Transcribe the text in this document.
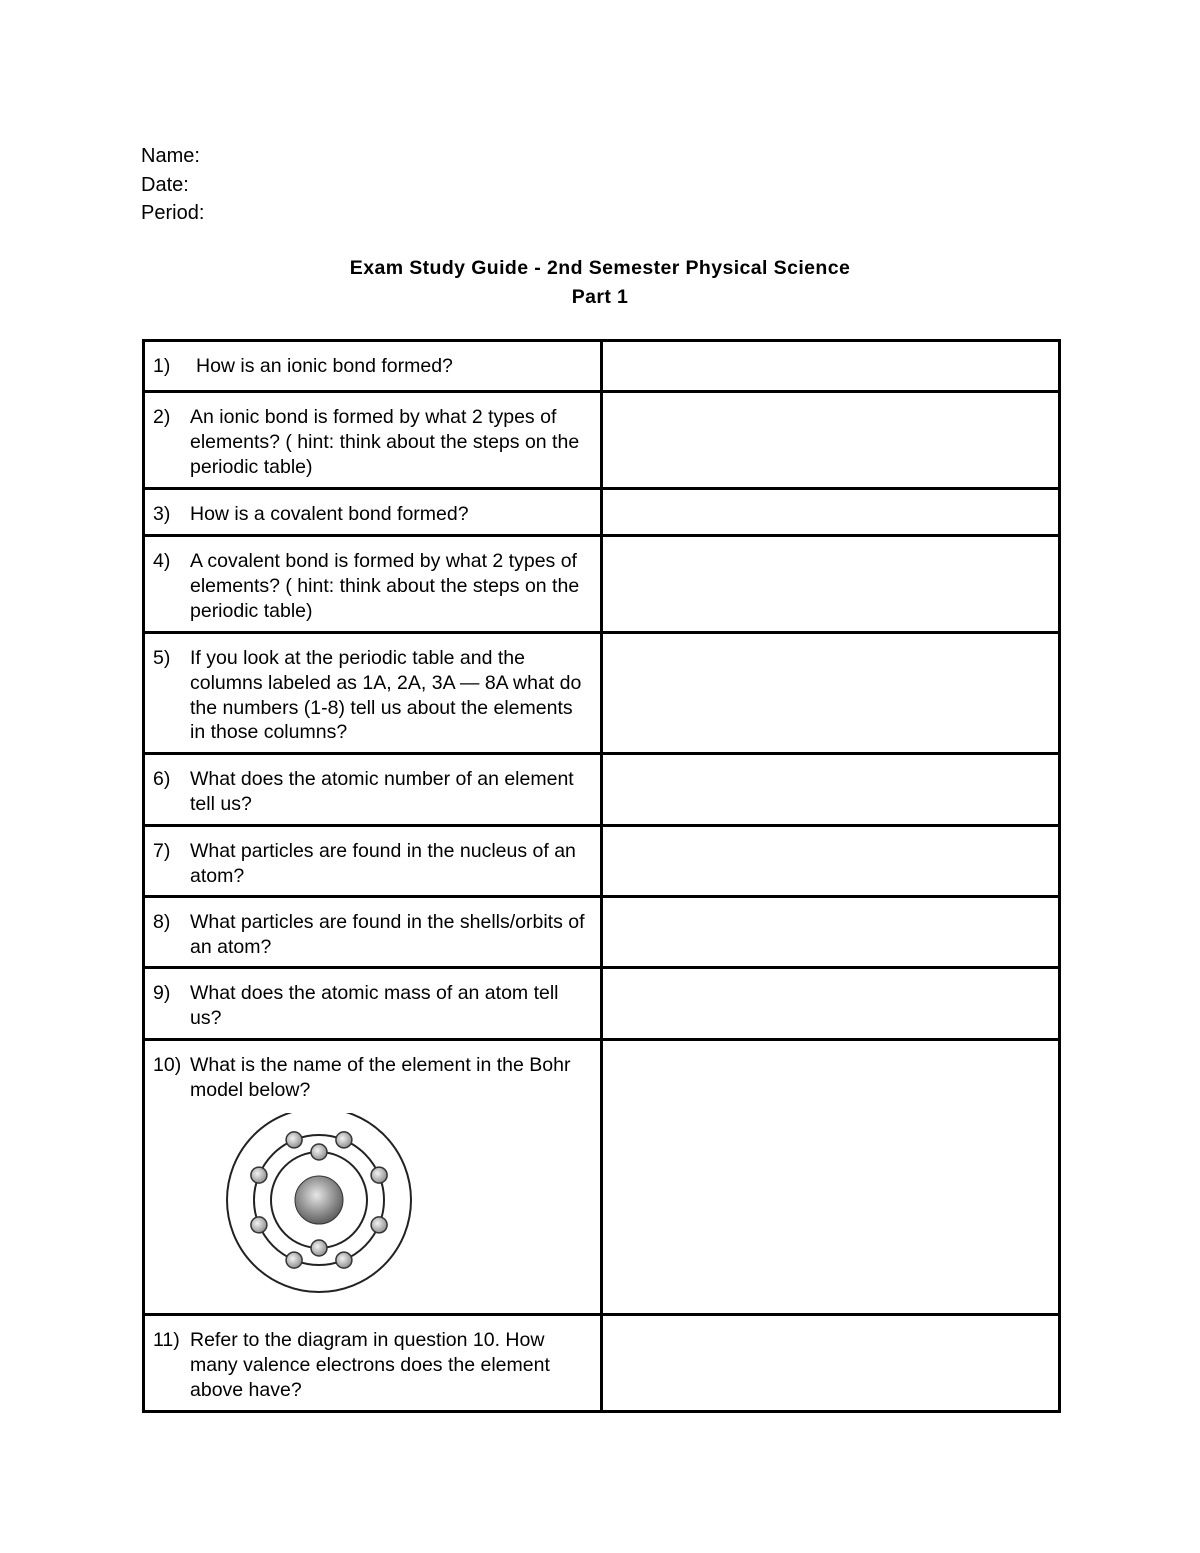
Name:
Date:
Period:
Exam Study Guide - 2nd Semester Physical Science
Part 1
1) How is an ionic bond formed?	

2) An ionic bond is formed by what 2 types of elements? ( hint: think about the steps on the periodic table)	

3) How is a covalent bond formed?	

4) A covalent bond is formed by what 2 types of elements? ( hint: think about the steps on the periodic table)	

5) If you look at the periodic table and the columns labeled as 1A, 2A, 3A — 8A what do the numbers (1-8) tell us about the elements in those columns?	

6) What does the atomic number of an element tell us?	

7) What particles are found in the nucleus of an atom?	

8) What particles are found in the shells/orbits of an atom?	

9) What does the atomic mass of an atom tell us?	

10) What is the name of the element in the Bohr model below?	

11) Refer to the diagram in question 10. How many valence electrons does the element above have?	
